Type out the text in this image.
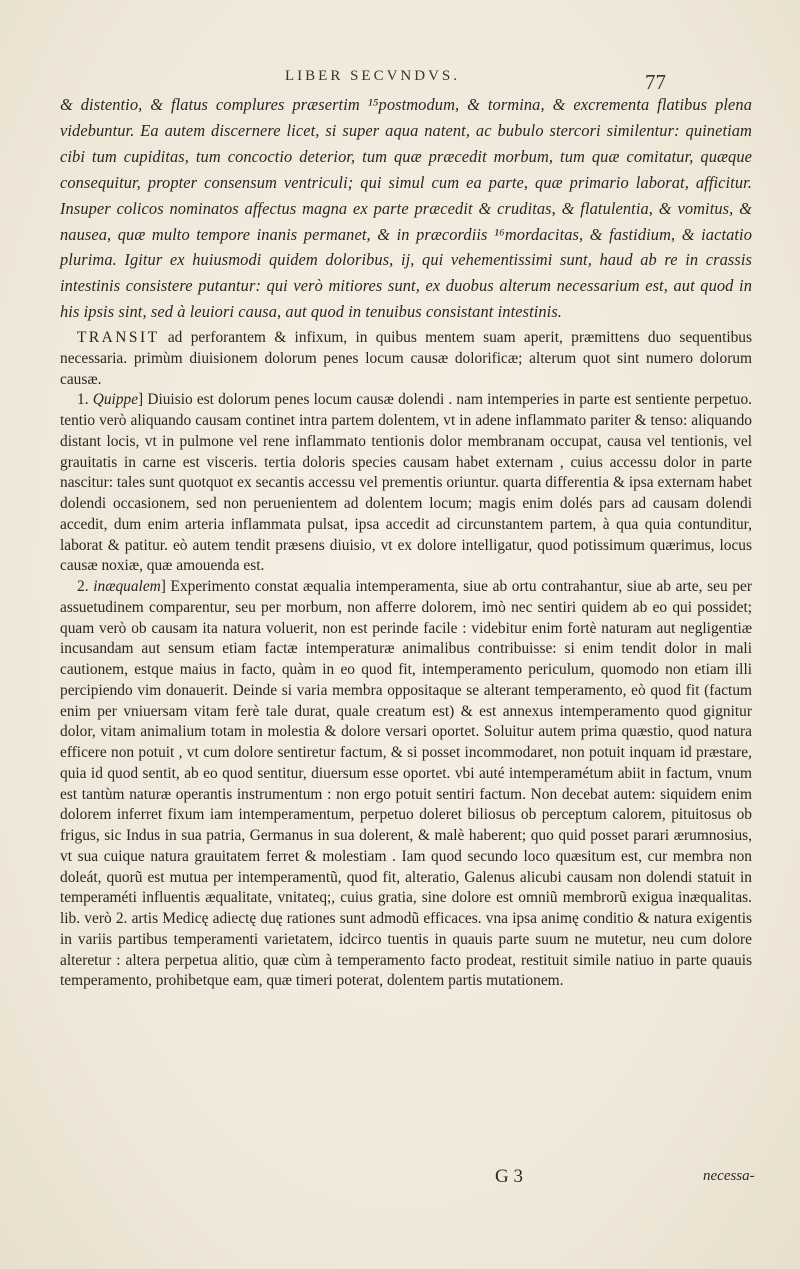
LIBER SECVNDVS.	77

& distentio, & flatus complures præsertim ¹⁵postmodum, & tormina, & excrementa flatibus plena videbuntur. Ea autem discernere licet, si super aqua natent, ac bubulo stercori similentur: quinetiam cibi tum cupiditas, tum concoctio deterior, tum quæ præcedit morbum, tum quæ comitatur, quæque consequitur, propter consensum ventriculi; qui simul cum ea parte, quæ primario laborat, afficitur. Insuper colicos nominatos affectus magna ex parte præcedit & cruditas, & flatulentia, & vomitus, & nausea, quæ multo tempore inanis permanet, & in præcordiis ¹⁶mordacitas, & fastidium, & iactatio plurima. Igitur ex huiusmodi quidem doloribus, ij, qui vehementissimi sunt, haud ab re in crassis intestinis consistere putantur: qui verò mitiores sunt, ex duobus alterum necessarium est, aut quod in his ipsis sint, sed à leuiori causa, aut quod in tenuibus consistant intestinis.

TRANSIT ad perforantem & infixum, in quibus mentem suam aperit, præmittens duo sequentibus necessaria. primùm diuisionem dolorum penes locum causæ dolorificæ; alterum quot sint numero dolorum causæ.

1. Quippe] Diuisio est dolorum penes locum causæ dolendi . nam intemperies in parte est sentiente perpetuo. tentio verò aliquando causam continet intra partem dolentem, vt in adene inflammato pariter & tenso: aliquando distant locis, vt in pulmone vel rene inflammato tentionis dolor membranam occupat, causa vel tentionis, vel grauitatis in carne est visceris. tertia doloris species causam habet externam , cuius accessu dolor in parte nascitur: tales sunt quotquot ex secantis accessu vel prementis oriuntur. quarta differentia & ipsa externam habet dolendi occasionem, sed non peruenientem ad dolentem locum; magis enim dolés pars ad causam dolendi accedit, dum enim arteria inflammata pulsat, ipsa accedit ad circunstantem partem, à qua quia contunditur, laborat & patitur. eò autem tendit præsens diuisio, vt ex dolore intelligatur, quod potissimum quærimus, locus causæ noxiæ, quæ amouenda est.

2. inæqualem] Experimento constat æqualia intemperamenta, siue ab ortu contrahantur, siue ab arte, seu per assuetudinem comparentur, seu per morbum, non afferre dolorem, imò nec sentiri quidem ab eo qui possidet; quam verò ob causam ita natura voluerit, non est perinde facile : videbitur enim fortè naturam aut negligentiæ incusandam aut sensum etiam factæ intemperaturæ animalibus contribuisse: si enim tendit dolor in mali cautionem, estque maius in facto, quàm in eo quod fit, intemperamento periculum, quomodo non etiam illi percipiendo vim donauerit. Deinde si varia membra oppositaque se alterant temperamento, eò quod fit (factum enim per vniuersam vitam ferè tale durat, quale creatum est) & est annexus intemperamento quod gignitur dolor, vitam animalium totam in molestia & dolore versari oportet. Soluitur autem prima quæstio, quod natura efficere non potuit , vt cum dolore sentiretur factum, & si posset incommodaret, non potuit inquam id præstare, quia id quod sentit, ab eo quod sentitur, diuersum esse oportet. vbi auté intemperamétum abiit in factum, vnum est tantùm naturæ operantis instrumentum : non ergo potuit sentiri factum. Non decebat autem: siquidem enim dolorem inferret fixum iam intemperamentum, perpetuo doleret biliosus ob perceptum calorem, pituitosus ob frigus, sic Indus in sua patria, Germanus in sua dolerent, & malè haberent; quo quid posset parari ærumnosius, vt sua cuique natura grauitatem ferret & molestiam . Iam quod secundo loco quæsitum est, cur membra non doleát, quorũ est mutua per intemperamentũ, quod fit, alteratio, Galenus alicubi causam non dolendi statuit in temperaméti influentis æqualitate, vnitateq;, cuius gratia, sine dolore est omniũ membrorũ exigua inæqualitas. lib. verò 2. artis Medicę adiectę duę rationes sunt admodũ efficaces. vna ipsa animę conditio & natura exigentis in variis partibus temperamenti varietatem, idcirco tuentis in quauis parte suum ne mutetur, neu cum dolore alteretur : altera perpetua alitio, quæ cùm à temperamento facto prodeat, restituit simile natiuo in parte quauis temperamento, prohibetque eam, quæ timeri poterat, dolentem partis mutationem.

G 3	necessa-
